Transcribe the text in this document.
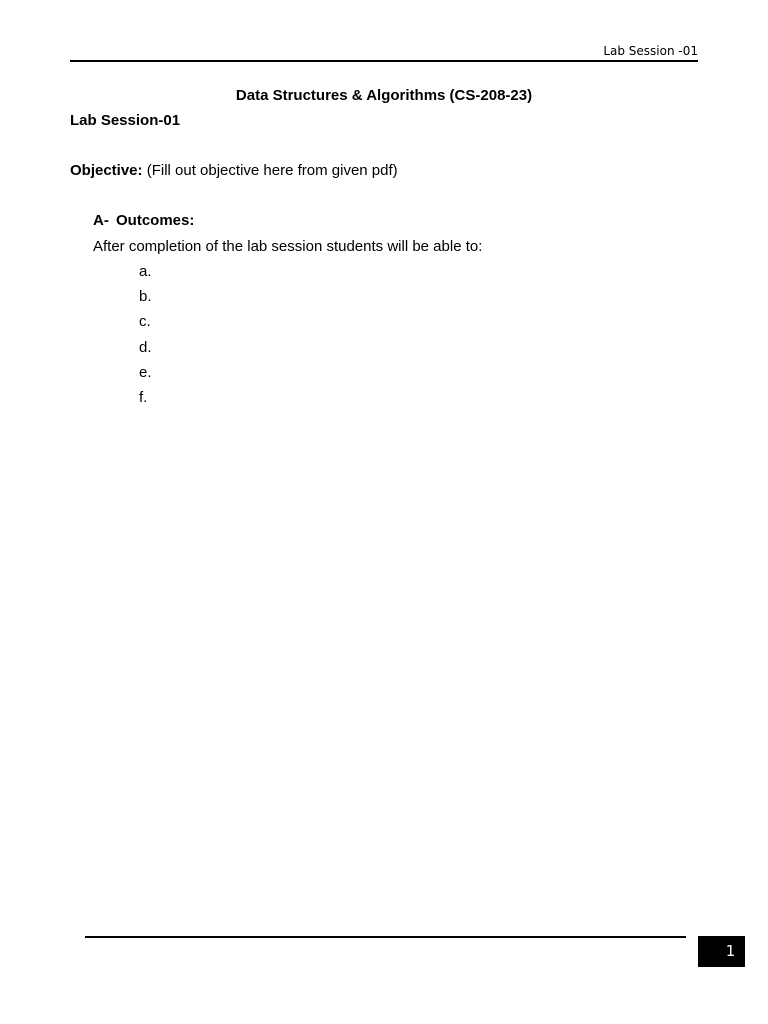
Lab Session -01
Data Structures & Algorithms (CS-208-23)
Lab Session-01
Objective: (Fill out objective here from given pdf)
A- Outcomes:
After completion of the lab session students will be able to:
a.
b.
c.
d.
e.
f.
1
